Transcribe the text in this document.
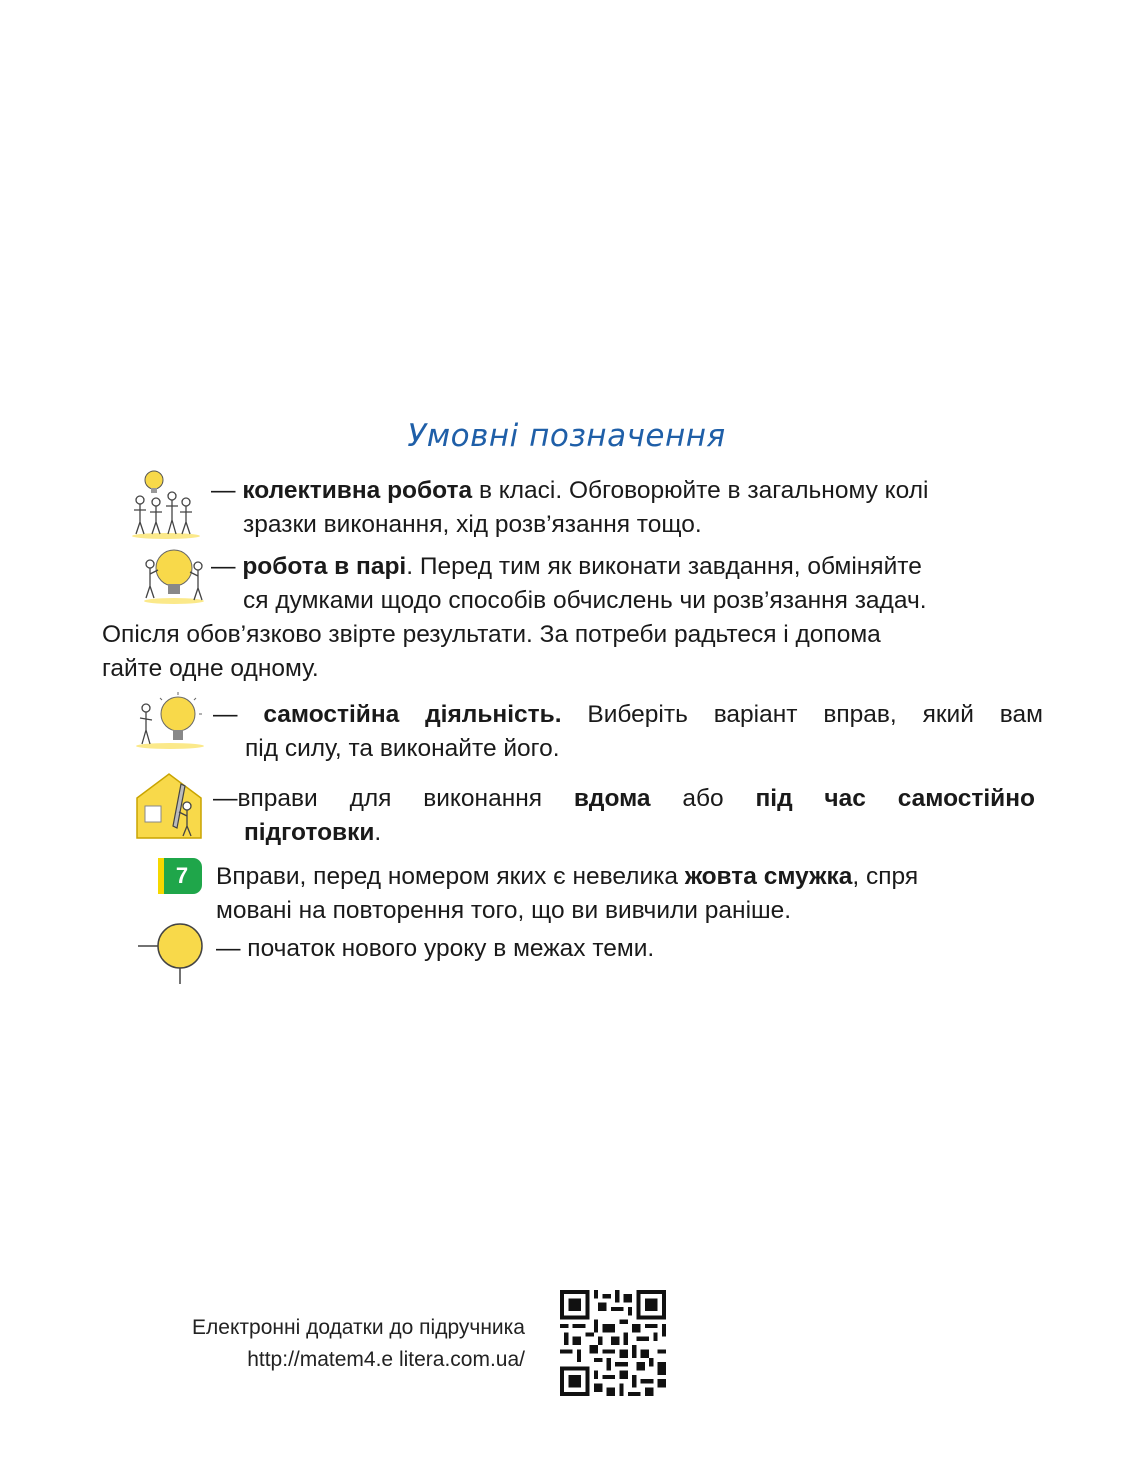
Умовні позначення
— колективна робота в класі. Обговорюйте в загальному колі
зразки виконання, хід розв’язання тощо.
— робота в парі. Перед тим як виконати завдання, обміняйте
ся думками щодо способів обчислень чи розв’язання задач.
Опісля обов’язково звірте результати. За потреби радьтеся і допома
гайте одне одному.
— самостійна діяльність. Виберіть варіант вправ, який вам
під силу, та виконайте його.
—вправи для виконання вдома або під час самостійно
підготовки.
7	Вправи, перед номером яких є невелика жовта смужка, спря
мовані на повторення того, що ви вивчили раніше.
— початок нового уроку в межах теми.
Електронні додатки до підручника
http://matem4.e litera.com.ua/
